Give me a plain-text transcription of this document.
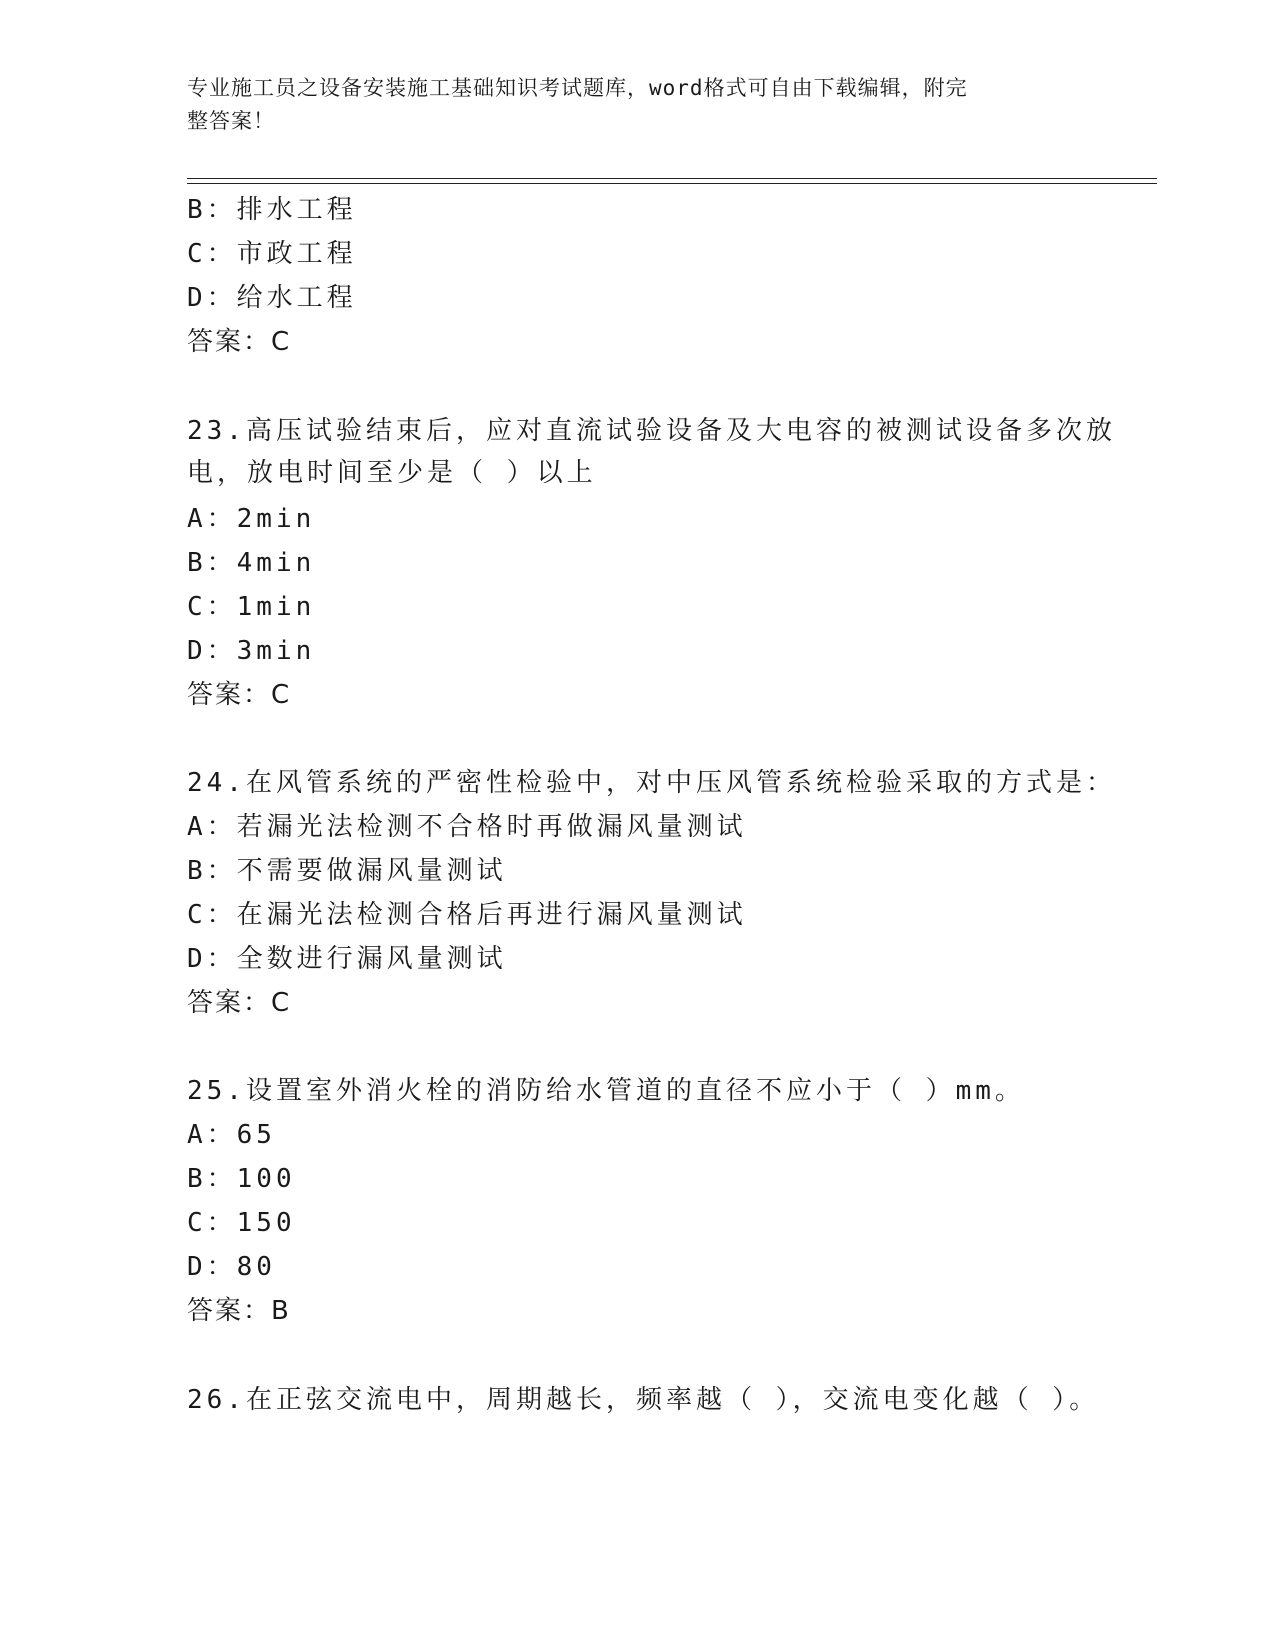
专业施工员之设备安装施工基础知识考试题库，word格式可自由下载编辑，附完
整答案！
B：排水工程
C：市政工程
D：给水工程
答案：C
23.高压试验结束后，应对直流试验设备及大电容的被测试设备多次放
电，放电时间至少是（ ）以上
A：2min
B：4min
C：1min
D：3min
答案：C
24.在风管系统的严密性检验中，对中压风管系统检验采取的方式是：
A：若漏光法检测不合格时再做漏风量测试
B：不需要做漏风量测试
C：在漏光法检测合格后再进行漏风量测试
D：全数进行漏风量测试
答案：C
25.设置室外消火栓的消防给水管道的直径不应小于（ ）mm。
A：65
B：100
C：150
D：80
答案：B
26.在正弦交流电中，周期越长，频率越（ ），交流电变化越（ ）。
